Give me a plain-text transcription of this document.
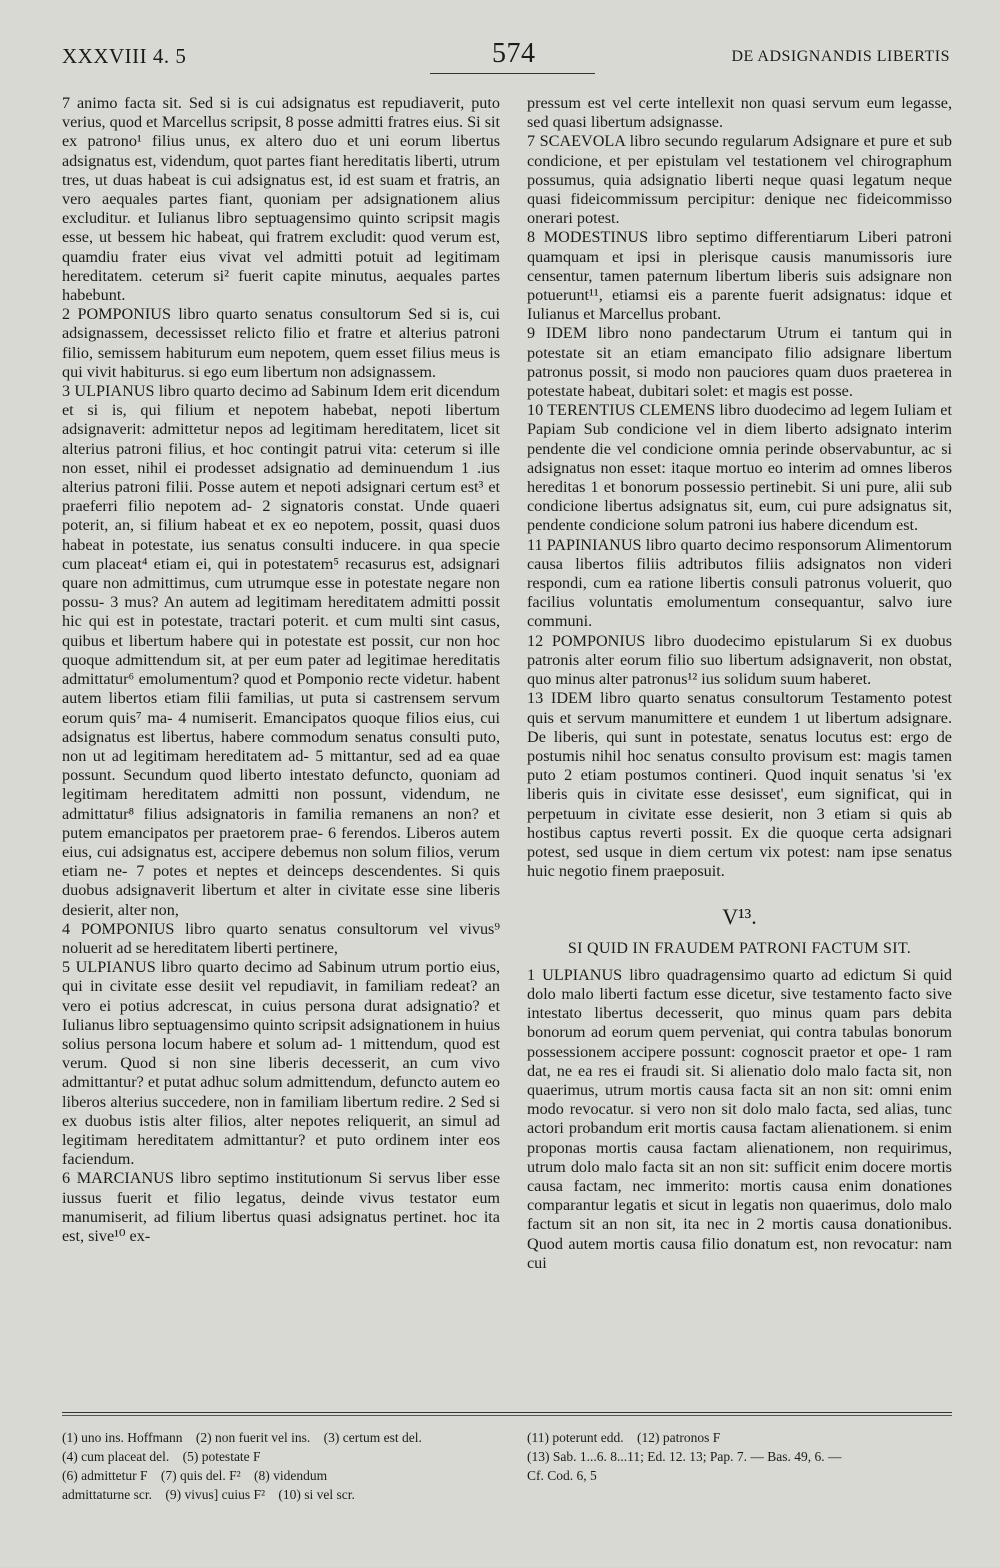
XXXVIII 4. 5	574	DE ADSIGNANDIS LIBERTIS

7 animo facta sit. Sed si is cui adsignatus est repudiaverit, puto verius, quod et Marcellus scripsit, 8 posse admitti fratres eius. Si sit ex patrono¹ filius unus, ex altero duo et uni eorum libertus adsignatus est, videndum, quot partes fiant hereditatis liberti, utrum tres, ut duas habeat is cui adsignatus est, id est suam et fratris, an vero aequales partes fiant, quoniam per adsignationem alius excluditur. et Iulianus libro septuagensimo quinto scripsit magis esse, ut bessem hic habeat, qui fratrem excludit: quod verum est, quamdiu frater eius vivat vel admitti potuit ad legitimam hereditatem. ceterum si² fuerit capite minutus, aequales partes habebunt.

2 POMPONIUS libro quarto senatus consultorum Sed si is, cui adsignassem, decessisset relicto filio et fratre et alterius patroni filio, semissem habiturum eum nepotem, quem esset filius meus is qui vivit habiturus. si ego eum libertum non adsignassem.

3 ULPIANUS libro quarto decimo ad Sabinum Idem erit dicendum et si is, qui filium et nepotem habebat, nepoti libertum adsignaverit: admittetur nepos ad legitimam hereditatem, licet sit alterius patroni filius, et hoc contingit patrui vita: ceterum si ille non esset, nihil ei prodesset adsignatio ad deminuendum 1 .ius alterius patroni filii. Posse autem et nepoti adsignari certum est³ et praeferri filio nepotem ad- 2 signatoris constat. Unde quaeri poterit, an, si filium habeat et ex eo nepotem, possit, quasi duos habeat in potestate, ius senatus consulti inducere. in qua specie cum placeat⁴ etiam ei, qui in potestatem⁵ recasurus est, adsignari quare non admittimus, cum utrumque esse in potestate negare non possu- 3 mus? An autem ad legitimam hereditatem admitti possit hic qui est in potestate, tractari poterit. et cum multi sint casus, quibus et libertum habere qui in potestate est possit, cur non hoc quoque admittendum sit, at per eum pater ad legitimae hereditatis admittatur⁶ emolumentum? quod et Pomponio recte videtur. habent autem libertos etiam filii familias, ut puta si castrensem servum eorum quis⁷ ma- 4 numiserit. Emancipatos quoque filios eius, cui adsignatus est libertus, habere commodum senatus consulti puto, non ut ad legitimam hereditatem ad- 5 mittantur, sed ad ea quae possunt. Secundum quod liberto intestato defuncto, quoniam ad legitimam hereditatem admitti non possunt, videndum, ne admittatur⁸ filius adsignatoris in familia remanens an non? et putem emancipatos per praetorem prae- 6 ferendos. Liberos autem eius, cui adsignatus est, accipere debemus non solum filios, verum etiam ne- 7 potes et neptes et deinceps descendentes. Si quis duobus adsignaverit libertum et alter in civitate esse sine liberis desierit, alter non,

4 POMPONIUS libro quarto senatus consultorum vel vivus⁹ noluerit ad se hereditatem liberti pertinere,

5 ULPIANUS libro quarto decimo ad Sabinum utrum portio eius, qui in civitate esse desiit vel repudiavit, in familiam redeat? an vero ei potius adcrescat, in cuius persona durat adsignatio? et Iulianus libro septuagensimo quinto scripsit adsignationem in huius solius persona locum habere et solum ad- 1 mittendum, quod est verum. Quod si non sine liberis decesserit, an cum vivo admittantur? et putat adhuc solum admittendum, defuncto autem eo liberos alterius succedere, non in familiam libertum redire. 2 Sed si ex duobus istis alter filios, alter nepotes reliquerit, an simul ad legitimam hereditatem admittantur? et puto ordinem inter eos faciendum.

6 MARCIANUS libro septimo institutionum Si servus liber esse iussus fuerit et filio legatus, deinde vivus testator eum manumiserit, ad filium libertus quasi adsignatus pertinet. hoc ita est, sive¹⁰ ex-

pressum est vel certe intellexit non quasi servum eum legasse, sed quasi libertum adsignasse.

7 SCAEVOLA libro secundo regularum Adsignare et pure et sub condicione, et per epistulam vel testationem vel chirographum possumus, quia adsignatio liberti neque quasi legatum neque quasi fideicommissum percipitur: denique nec fideicommisso onerari potest.

8 MODESTINUS libro septimo differentiarum Liberi patroni quamquam et ipsi in plerisque causis manumissoris iure censentur, tamen paternum libertum liberis suis adsignare non potuerunt¹¹, etiamsi eis a parente fuerit adsignatus: idque et Iulianus et Marcellus probant.

9 IDEM libro nono pandectarum Utrum ei tantum qui in potestate sit an etiam emancipato filio adsignare libertum patronus possit, si modo non pauciores quam duos praeterea in potestate habeat, dubitari solet: et magis est posse.

10 TERENTIUS CLEMENS libro duodecimo ad legem Iuliam et Papiam Sub condicione vel in diem liberto adsignato interim pendente die vel condicione omnia perinde observabuntur, ac si adsignatus non esset: itaque mortuo eo interim ad omnes liberos hereditas 1 et bonorum possessio pertinebit. Si uni pure, alii sub condicione libertus adsignatus sit, eum, cui pure adsignatus sit, pendente condicione solum patroni ius habere dicendum est.

11 PAPINIANUS libro quarto decimo responsorum Alimentorum causa libertos filiis adtributos filiis adsignatos non videri respondi, cum ea ratione libertis consuli patronus voluerit, quo facilius voluntatis emolumentum consequantur, salvo iure communi.

12 POMPONIUS libro duodecimo epistularum Si ex duobus patronis alter eorum filio suo libertum adsignaverit, non obstat, quo minus alter patronus¹² ius solidum suum haberet.

13 IDEM libro quarto senatus consultorum Testamento potest quis et servum manumittere et eundem 1 ut libertum adsignare. De liberis, qui sunt in potestate, senatus locutus est: ergo de postumis nihil hoc senatus consulto provisum est: magis tamen puto 2 etiam postumos contineri. Quod inquit senatus 'si 'ex liberis quis in civitate esse desisset', eum significat, qui in perpetuum in civitate esse desierit, non 3 etiam si quis ab hostibus captus reverti possit. Ex die quoque certa adsignari potest, sed usque in diem certum vix potest: nam ipse senatus huic negotio finem praeposuit.

V¹³.
SI QUID IN FRAUDEM PATRONI FACTUM SIT.

1 ULPIANUS libro quadragensimo quarto ad edictum Si quid dolo malo liberti factum esse dicetur, sive testamento facto sive intestato libertus decesserit, quo minus quam pars debita bonorum ad eorum quem perveniat, qui contra tabulas bonorum possessionem accipere possunt: cognoscit praetor et ope- 1 ram dat, ne ea res ei fraudi sit. Si alienatio dolo malo facta sit, non quaerimus, utrum mortis causa facta sit an non sit: omni enim modo revocatur. si vero non sit dolo malo facta, sed alias, tunc actori probandum erit mortis causa factam alienationem. si enim proponas mortis causa factam alienationem, non requirimus, utrum dolo malo facta sit an non sit: sufficit enim docere mortis causa factam, nec immerito: mortis causa enim donationes comparantur legatis et sicut in legatis non quaerimus, dolo malo factum sit an non sit, ita nec in 2 mortis causa donationibus. Quod autem mortis causa filio donatum est, non revocatur: nam cui

(1) uno ins. Hoffmann (2) non fuerit vel ins. (3) certum est del.
(4) cum placeat del. (5) potestate F
(6) admittetur F (7) quis del. F² (8) videndum
admittaturne scr. (9) vivus] cuius F² (10) si vel scr.
(11) poterunt edd. (12) patronos F
(13) Sab. 1...6. 8...11; Ed. 12. 13; Pap. 7. — Bas. 49, 6. —
Cf. Cod. 6, 5
